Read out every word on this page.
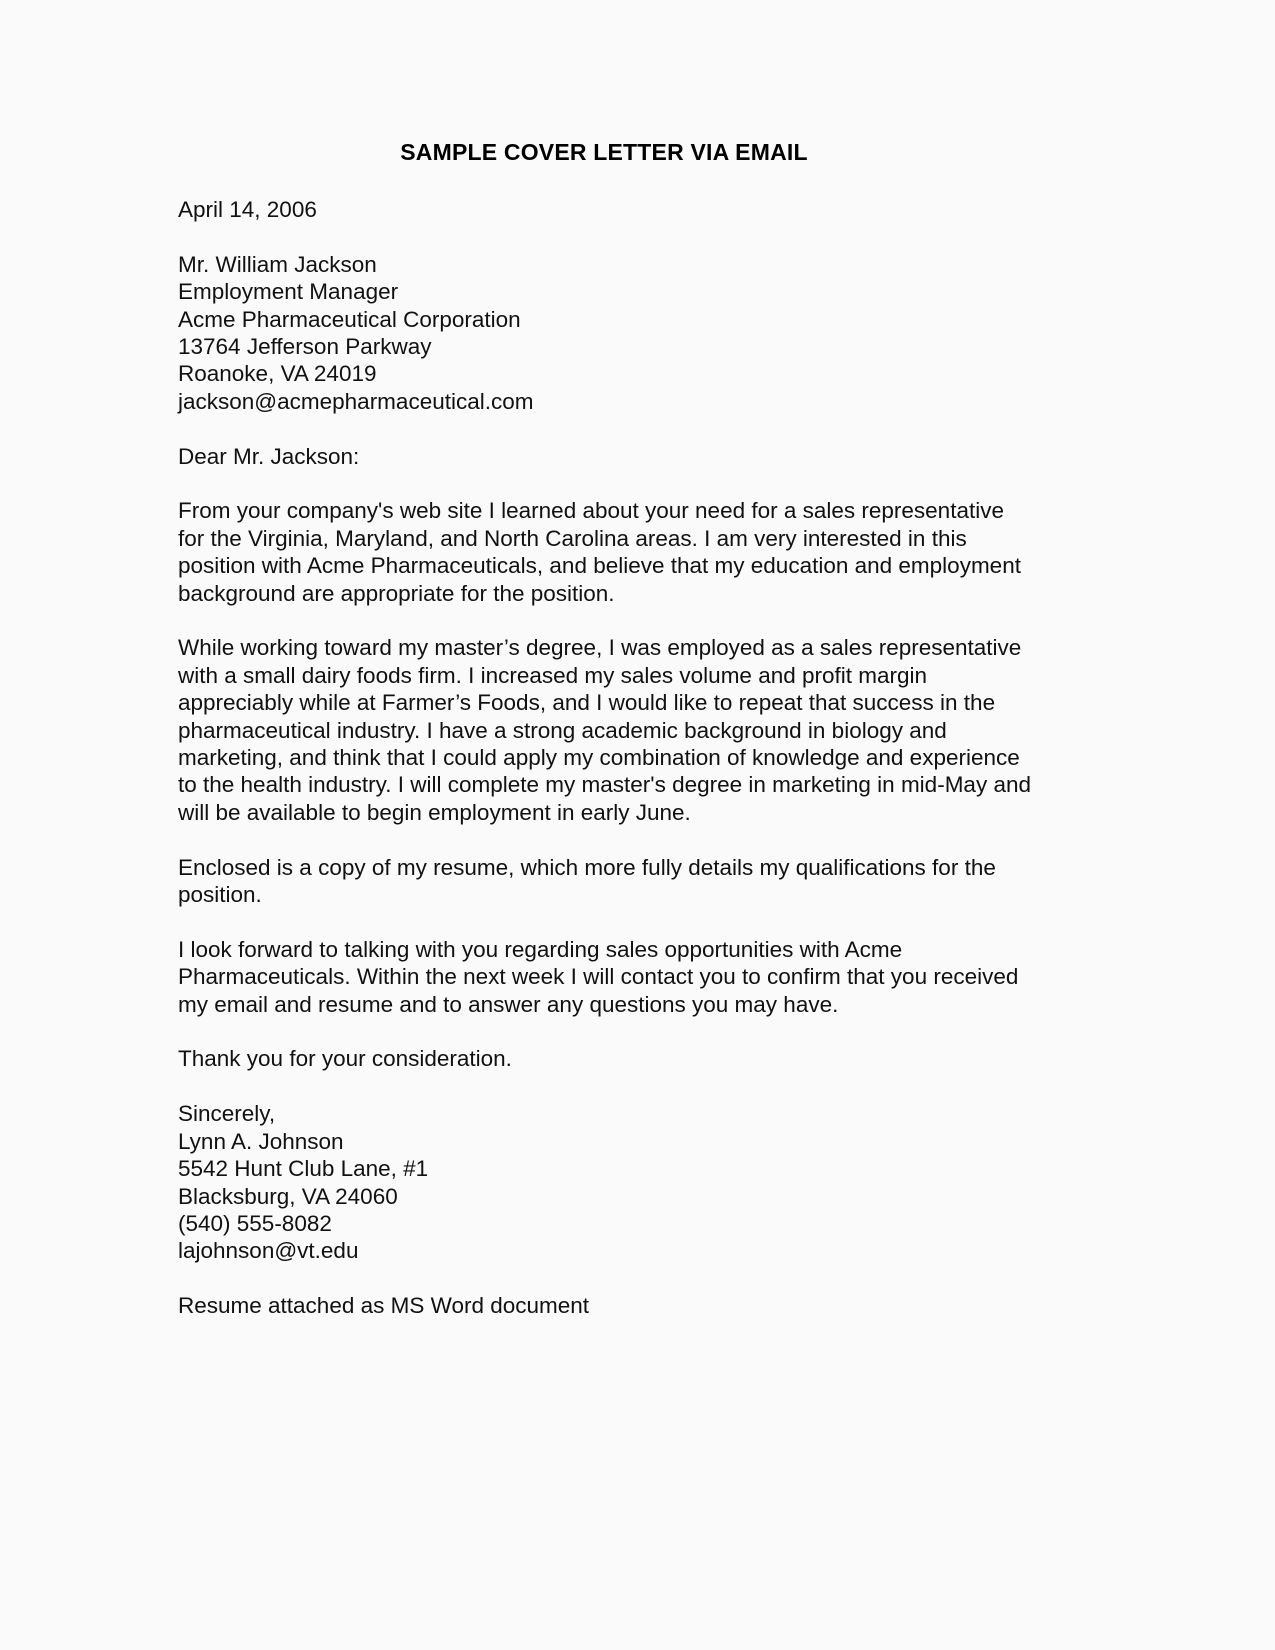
SAMPLE COVER LETTER VIA EMAIL
April 14, 2006
Mr. William Jackson
Employment Manager
Acme Pharmaceutical Corporation
13764 Jefferson Parkway
Roanoke, VA 24019
jackson@acmepharmaceutical.com
Dear Mr. Jackson:

From your company's web site I learned about your need for a sales representative for the Virginia, Maryland, and North Carolina areas. I am very interested in this position with Acme Pharmaceuticals, and believe that my education and employment background are appropriate for the position.

While working toward my master’s degree, I was employed as a sales representative with a small dairy foods firm. I increased my sales volume and profit margin appreciably while at Farmer’s Foods, and I would like to repeat that success in the pharmaceutical industry. I have a strong academic background in biology and marketing, and think that I could apply my combination of knowledge and experience to the health industry. I will complete my master's degree in marketing in mid-May and will be available to begin employment in early June.

Enclosed is a copy of my resume, which more fully details my qualifications for the position.

I look forward to talking with you regarding sales opportunities with Acme Pharmaceuticals. Within the next week I will contact you to confirm that you received my email and resume and to answer any questions you may have.

Thank you for your consideration.

Sincerely,
Lynn A. Johnson
5542 Hunt Club Lane, #1
Blacksburg, VA 24060
(540) 555-8082
lajohnson@vt.edu
Resume attached as MS Word document
